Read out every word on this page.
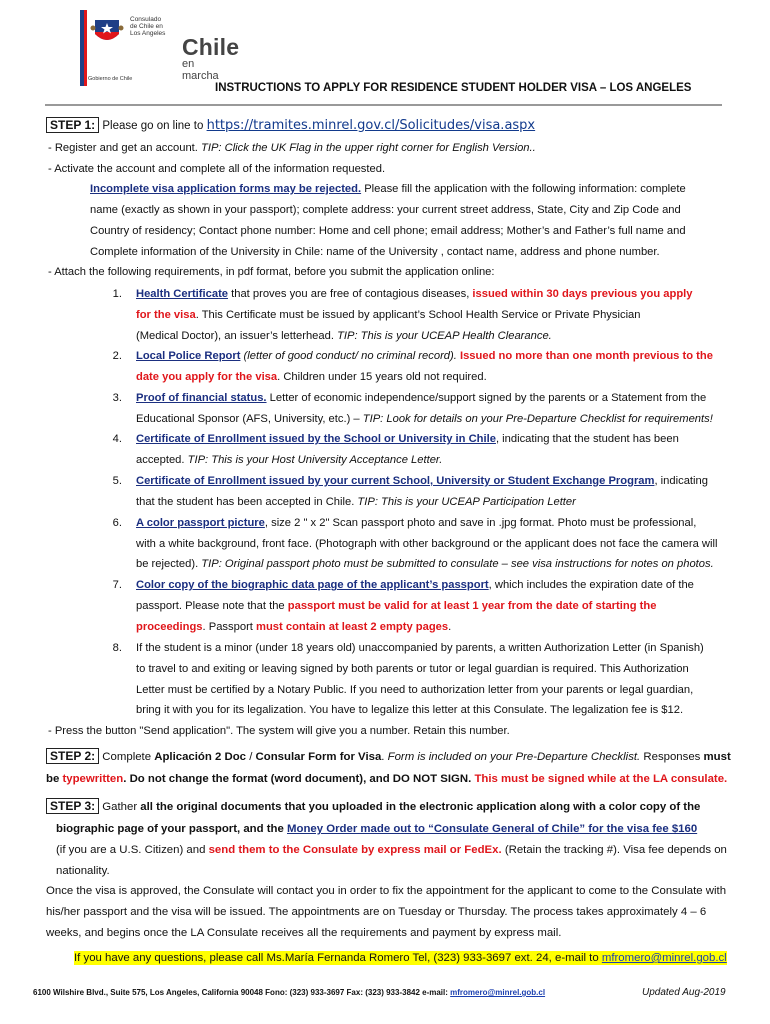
Consulado
de Chile en
Los Angeles
Chile
en marcha
Gobierno de Chile
INSTRUCTIONS TO APPLY FOR RESIDENCE STUDENT HOLDER VISA – LOS ANGELES
STEP 1: Please go on line to https://tramites.minrel.gov.cl/Solicitudes/visa.aspx
- Register and get an account. TIP: Click the UK Flag in the upper right corner for English Version..
- Activate the account and complete all of the information requested.
Incomplete visa application forms may be rejected. Please fill the application with the following information: complete
name (exactly as shown in your passport); complete address: your current street address, State, City and Zip Code and
Country of residency; Contact phone number: Home and cell phone; email address; Mother’s and Father’s full name and
Complete information of the University in Chile: name of the University , contact name, address and phone number.
- Attach the following requirements, in pdf format, before you submit the application online:
1. Health Certificate that proves you are free of contagious diseases, issued within 30 days previous you apply
for the visa. This Certificate must be issued by applicant’s School Health Service or Private Physician
(Medical Doctor), an issuer’s letterhead. TIP: This is your UCEAP Health Clearance.
2. Local Police Report (letter of good conduct/ no criminal record). Issued no more than one month previous to the
date you apply for the visa. Children under 15 years old not required.
3. Proof of financial status. Letter of economic independence/support signed by the parents or a Statement from the
Educational Sponsor (AFS, University, etc.) – TIP: Look for details on your Pre-Departure Checklist for requirements!
4. Certificate of Enrollment issued by the School or University in Chile, indicating that the student has been
accepted. TIP: This is your Host University Acceptance Letter.
5. Certificate of Enrollment issued by your current School, University or Student Exchange Program, indicating
that the student has been accepted in Chile. TIP: This is your UCEAP Participation Letter
6. A color passport picture, size 2 " x 2" Scan passport photo and save in .jpg format. Photo must be professional,
with a white background, front face. (Photograph with other background or the applicant does not face the camera will
be rejected). TIP: Original passport photo must be submitted to consulate – see visa instructions for notes on photos.
7. Color copy of the biographic data page of the applicant’s passport, which includes the expiration date of the
passport. Please note that the passport must be valid for at least 1 year from the date of starting the
proceedings. Passport must contain at least 2 empty pages.
8. If the student is a minor (under 18 years old) unaccompanied by parents, a written Authorization Letter (in Spanish)
to travel to and exiting or leaving signed by both parents or tutor or legal guardian is required. This Authorization
Letter must be certified by a Notary Public. If you need to authorization letter from your parents or legal guardian,
bring it with you for its legalization. You have to legalize this letter at this Consulate. The legalization fee is $12.
- Press the button "Send application". The system will give you a number. Retain this number.
STEP 2: Complete Aplicación 2 Doc / Consular Form for Visa. Form is included on your Pre-Departure Checklist. Responses must
be typewritten. Do not change the format (word document), and DO NOT SIGN. This must be signed while at the LA consulate.
STEP 3: Gather all the original documents that you uploaded in the electronic application along with a color copy of the
biographic page of your passport, and the Money Order made out to “Consulate General of Chile” for the visa fee $160
(if you are a U.S. Citizen) and send them to the Consulate by express mail or FedEx. (Retain the tracking #). Visa fee depends on
nationality.
Once the visa is approved, the Consulate will contact you in order to fix the appointment for the applicant to come to the Consulate with
his/her passport and the visa will be issued. The appointments are on Tuesday or Thursday. The process takes approximately 4 – 6
weeks, and begins once the LA Consulate receives all the requirements and payment by express mail.
If you have any questions, please call Ms.María Fernanda Romero Tel, (323) 933-3697 ext. 24, e-mail to mfromero@minrel.gob.cl
6100 Wilshire Blvd., Suite 575, Los Angeles, California 90048 Fono: (323) 933-3697 Fax: (323) 933-3842 e-mail: mfromero@minrel.gob.cl	Updated Aug-2019
